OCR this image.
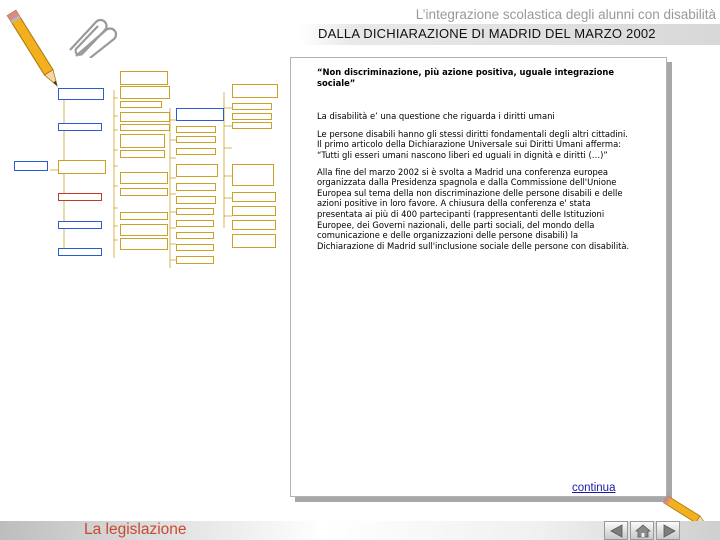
L’integrazione scolastica degli alunni con disabilità
DALLA DICHIARAZIONE DI MADRID DEL MARZO 2002
“Non discriminazione, più azione positiva, uguale integrazione sociale”

La disabilità e’ una questione che riguarda i diritti umani

Le persone disabili hanno gli stessi diritti fondamentali degli altri cittadini. Il primo articolo della Dichiarazione Universale sui Diritti Umani afferma: “Tutti gli esseri umani nascono liberi ed uguali in dignità e diritti (…)”

Alla fine del marzo 2002 si è svolta a Madrid una conferenza europea organizzata dalla Presidenza spagnola e dalla Commissione dell'Unione Europea sul tema della non discriminazione delle persone disabili e delle azioni positive in loro favore. A chiusura della conferenza e' stata presentata ai più di 400 partecipanti (rappresentanti delle Istituzioni Europee, dei Governi nazionali, delle parti sociali, del mondo della comunicazione e delle organizzazioni delle persone disabili) la Dichiarazione di Madrid sull'inclusione sociale delle persone con disabilità.

continua
La legislazione
